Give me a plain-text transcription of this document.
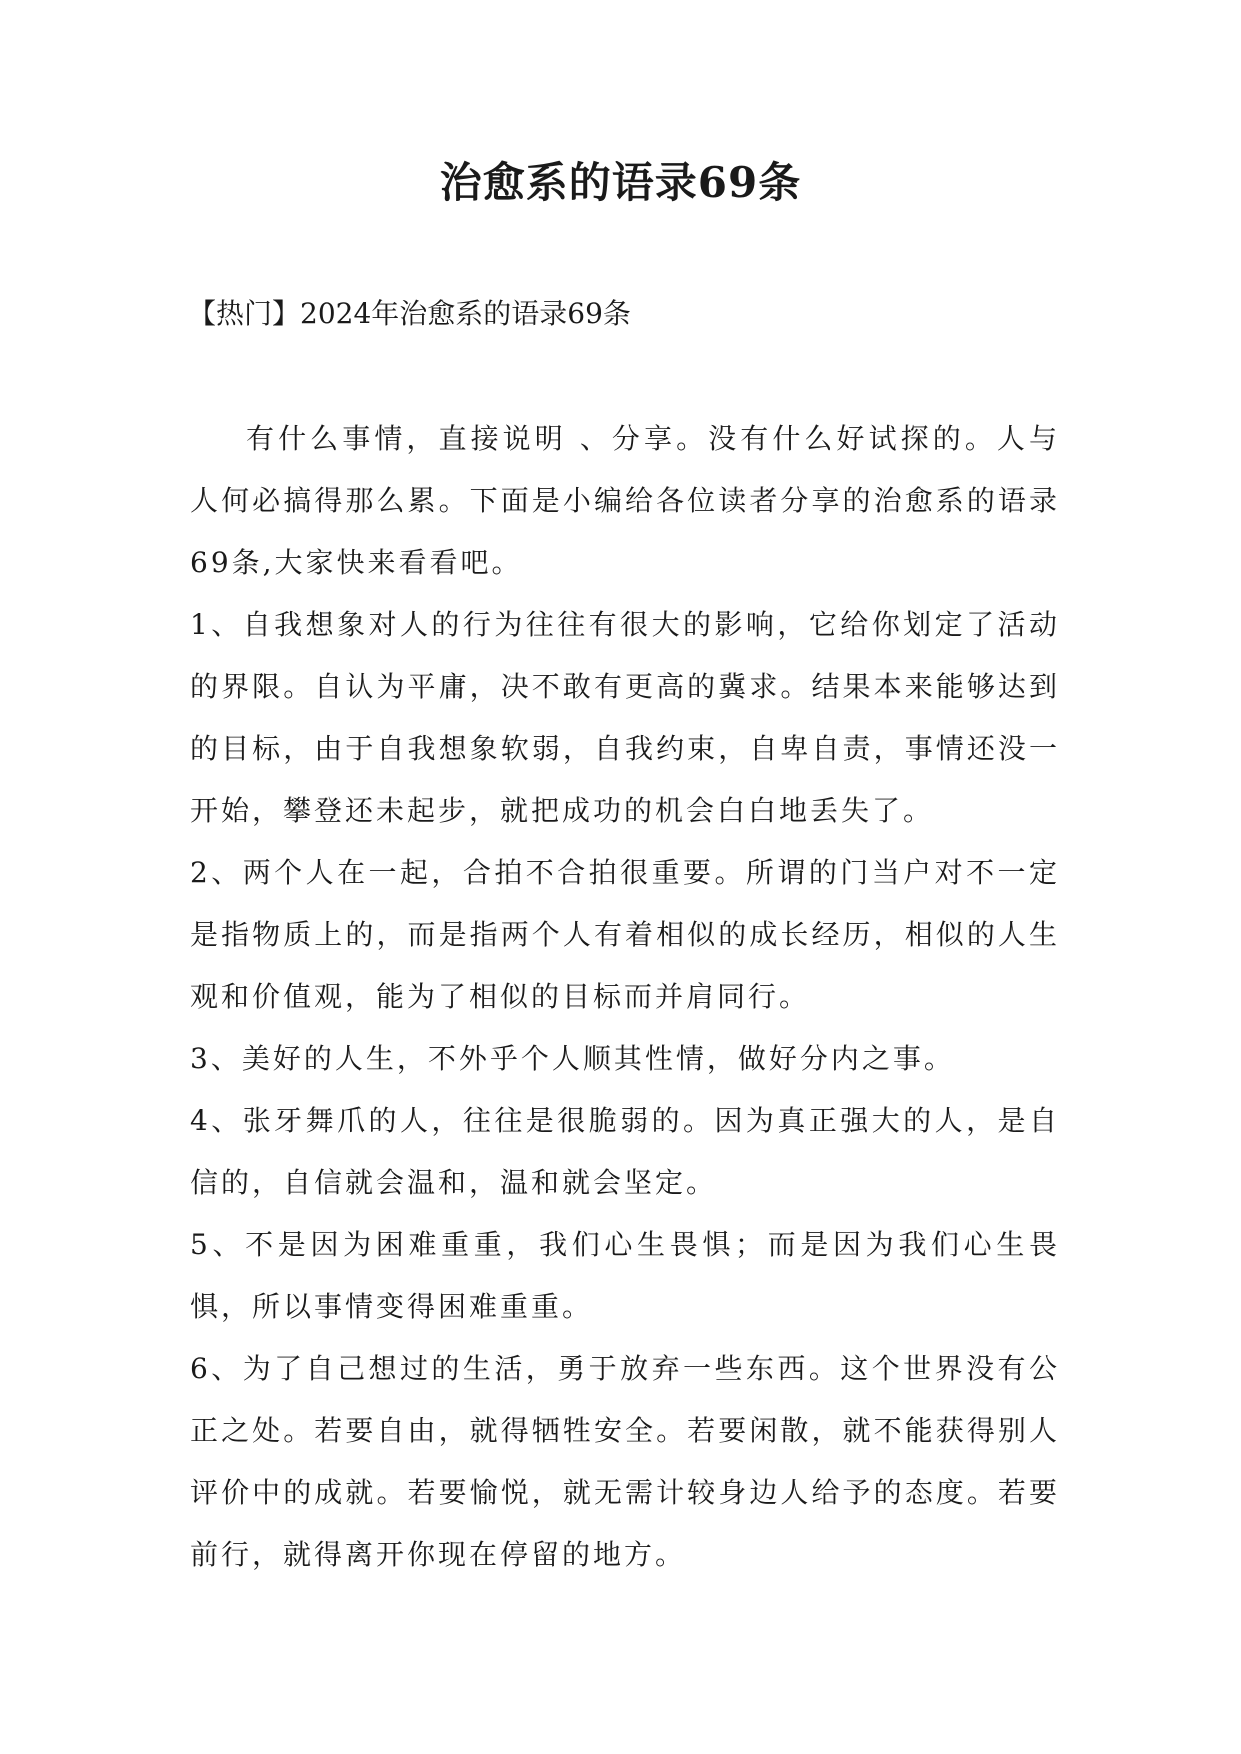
治愈系的语录69条

【热门】2024年治愈系的语录69条

有什么事情，直接说明 、分享。没有什么好试探的。人与人何必搞得那么累。下面是小编给各位读者分享的治愈系的语录69条,大家快来看看吧。

1、自我想象对人的行为往往有很大的影响，它给你划定了活动的界限。自认为平庸，决不敢有更高的冀求。结果本来能够达到的目标，由于自我想象软弱，自我约束，自卑自责，事情还没一开始，攀登还未起步，就把成功的机会白白地丢失了。

2、两个人在一起，合拍不合拍很重要。所谓的门当户对不一定是指物质上的，而是指两个人有着相似的成长经历，相似的人生观和价值观，能为了相似的目标而并肩同行。

3、美好的人生，不外乎个人顺其性情，做好分内之事。

4、张牙舞爪的人，往往是很脆弱的。因为真正强大的人，是自信的，自信就会温和，温和就会坚定。

5、不是因为困难重重，我们心生畏惧；而是因为我们心生畏惧，所以事情变得困难重重。

6、为了自己想过的生活，勇于放弃一些东西。这个世界没有公正之处。若要自由，就得牺牲安全。若要闲散，就不能获得别人评价中的成就。若要愉悦，就无需计较身边人给予的态度。若要前行，就得离开你现在停留的地方。
